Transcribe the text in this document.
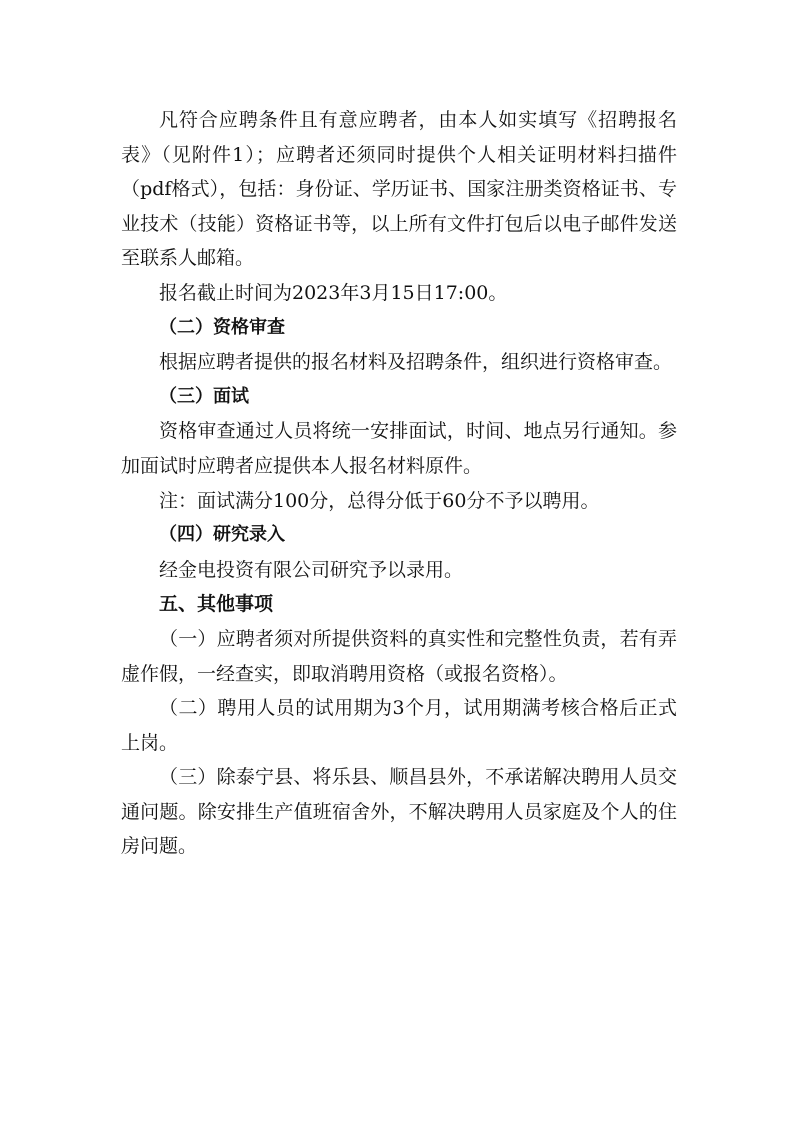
凡符合应聘条件且有意应聘者，由本人如实填写《招聘报名表》（见附件1）；应聘者还须同时提供个人相关证明材料扫描件（pdf格式），包括：身份证、学历证书、国家注册类资格证书、专业技术（技能）资格证书等，以上所有文件打包后以电子邮件发送至联系人邮箱。

报名截止时间为2023年3月15日17:00。

（二）资格审查

根据应聘者提供的报名材料及招聘条件，组织进行资格审查。

（三）面试

资格审查通过人员将统一安排面试，时间、地点另行通知。参加面试时应聘者应提供本人报名材料原件。

注：面试满分100分，总得分低于60分不予以聘用。

（四）研究录入

经金电投资有限公司研究予以录用。

五、其他事项

（一）应聘者须对所提供资料的真实性和完整性负责，若有弄虚作假，一经查实，即取消聘用资格（或报名资格）。

（二）聘用人员的试用期为3个月，试用期满考核合格后正式上岗。

（三）除泰宁县、将乐县、顺昌县外，不承诺解决聘用人员交通问题。除安排生产值班宿舍外，不解决聘用人员家庭及个人的住房问题。
